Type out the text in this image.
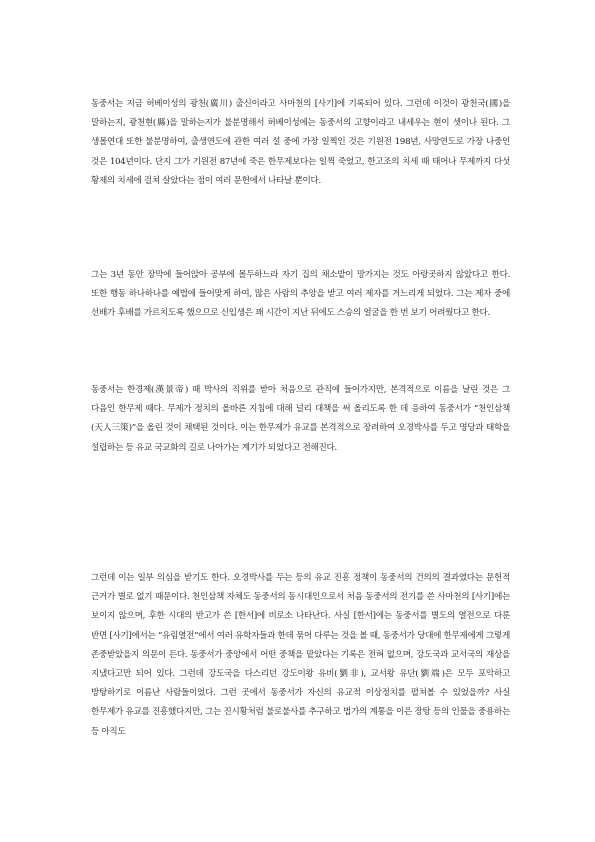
동중서는 지금 허베이성의 광천(廣川) 출신이라고 사마천의 [사기]에 기록되어 있다. 그런데 이것이 광천국(國)을 말하는지, 광천현(縣)을 말하는지가 불분명해서 허베이성에는 동중서의 고향이라고 내세우는 현이 셋이나 된다. 그 생몰연대 또한 불분명하여, 출생연도에 관한 여러 설 중에 가장 일찍인 것은 기원전 198년, 사망연도로 가장 나중인 것은 104년이다. 단지 그가 기원전 87년에 죽은 한무제보다는 일찍 죽었고, 한고조의 치세 때 태어나 무제까지 다섯 황제의 치세에 걸쳐 살았다는 점이 여러 문헌에서 나타날 뿐이다.

그는 3년 동안 장막에 들어앉아 공부에 몰두하느라 자기 집의 채소밭이 망가지는 것도 아랑곳하지 않았다고 한다. 또한 행동 하나하나를 예법에 들어맞게 하여, 많은 사람의 추앙을 받고 여러 제자를 거느리게 되었다. 그는 제자 중에 선배가 후배를 가르치도록 했으므로 신입생은 꽤 시간이 지난 뒤에도 스승의 얼굴을 한 번 보기 어려웠다고 한다.

동중서는 한경제(漢景帝) 때 박사의 직위를 받아 처음으로 관직에 들어가지만, 본격적으로 이름을 날린 것은 그 다음인 한무제 때다. 무제가 정치의 올바른 지침에 대해 널리 대책을 써 올리도록 한 데 응하여 동중서가 “천인삼책(天人三策)”을 올린 것이 채택된 것이다. 이는 한무제가 유교를 본격적으로 장려하여 오경박사를 두고 명당과 태학을 설립하는 등 유교 국교화의 길로 나아가는 계기가 되었다고 전해진다.

그런데 이는 일부 의심을 받기도 한다. 오경박사를 두는 등의 유교 진흥 정책이 동중서의 건의의 결과였다는 문헌적 근거가 별로 없기 때문이다. 천인삼책 자체도 동중서의 동시대인으로서 처음 동중서의 전기를 쓴 사마천의 [사기]에는 보이지 않으며, 후한 시대의 반고가 쓴 [한서]에 비로소 나타난다. 사실 [한서]에는 동중서를 별도의 열전으로 다룬 반면 [사기]에서는 “유림열전”에서 여러 유학자들과 한데 묶어 다루는 것을 볼 때, 동중서가 당대에 한무제에게 그렇게 존중받았을지 의문이 든다. 동중서가 중앙에서 어떤 중책을 맡았다는 기록은 전혀 없으며, 강도국과 교서국의 재상을 지냈다고만 되어 있다. 그런데 강도국을 다스리던 강도이왕 유비(劉非), 교서왕 유단(劉端)은 모두 포악하고 방탕하기로 이름난 사람들이었다. 그런 곳에서 동중서가 자신의 유교적 이상정치를 펼쳐볼 수 있었을까? 사실 한무제가 유교를 진흥했다지만, 그는 진시황처럼 불로불사를 추구하고 법가의 계통을 이은 장탕 등의 인물을 중용하는 등 아직도
